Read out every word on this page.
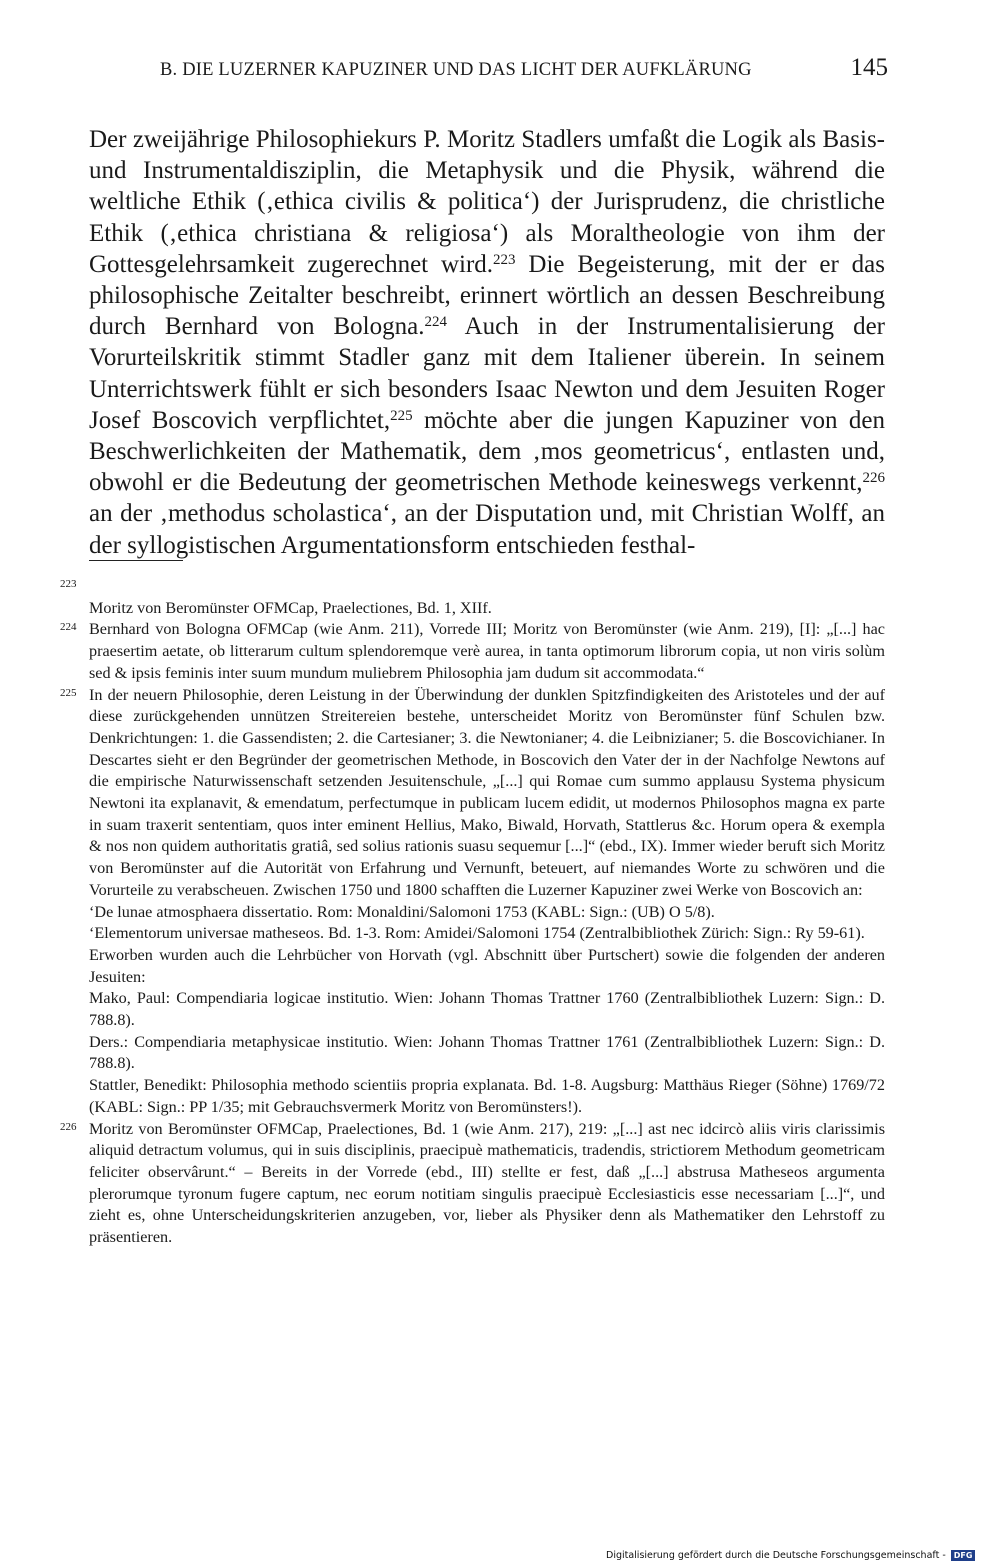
B. DIE LUZERNER KAPUZINER UND DAS LICHT DER AUFKLÄRUNG	145
Der zweijährige Philosophiekurs P. Moritz Stadlers umfaßt die Logik als Basis- und Instrumentaldisziplin, die Metaphysik und die Physik, während die weltliche Ethik (‚ethica civilis & politica‘) der Jurisprudenz, die christliche Ethik (‚ethica christiana & religiosa‘) als Moraltheologie von ihm der Gottesgelehrsamkeit zugerechnet wird.$^{223}$ Die Begeisterung, mit der er das philosophische Zeitalter beschreibt, erinnert wörtlich an dessen Beschreibung durch Bernhard von Bologna.$^{224}$ Auch in der Instrumentalisierung der Vorurteilskritik stimmt Stadler ganz mit dem Italiener überein. In seinem Unterrichtswerk fühlt er sich besonders Isaac Newton und dem Jesuiten Roger Josef Boscovich verpflichtet,$^{225}$ möchte aber die jungen Kapuziner von den Beschwerlichkeiten der Mathematik, dem ‚mos geometricus‘, entlasten und, obwohl er die Bedeutung der geometrischen Methode keineswegs verkennt,$^{226}$ an der ‚methodus scholastica‘, an der Disputation und, mit Christian Wolff, an der syllogistischen Argumentationsform entschieden festhal-
223
Moritz von Beromünster OFMCap, Praelectiones, Bd. 1, XIIf.
224 Bernhard von Bologna OFMCap (wie Anm. 211), Vorrede III; Moritz von Beromünster (wie Anm. 219), [I]: „[...] hac praesertim aetate, ob litterarum cultum splendoremque verè aurea, in tanta optimorum librorum copia, ut non viris solùm sed & ipsis feminis inter suum mundum muliebrem Philosophia jam dudum sit accommodata.“
225 In der neuern Philosophie, deren Leistung in der Überwindung der dunklen Spitzfindigkeiten des Aristoteles und der auf diese zurückgehenden unnützen Streitereien bestehe, unterscheidet Moritz von Beromünster fünf Schulen bzw. Denkrichtungen: 1. die Gassendisten; 2. die Cartesianer; 3. die Newtonianer; 4. die Leibnizianer; 5. die Boscovichianer. In Descartes sieht er den Begründer der geometrischen Methode, in Boscovich den Vater der in der Nachfolge Newtons auf die empirische Naturwissenschaft setzenden Jesuitenschule, „[...] qui Romae cum summo applausu Systema physicum Newtoni ita explanavit, & emendatum, perfectumque in publicam lucem edidit, ut modernos Philosophos magna ex parte in suam traxerit sententiam, quos inter eminent Hellius, Mako, Biwald, Horvath, Stattlerus &c. Horum opera & exempla & nos non quidem authoritatis gratiâ, sed solius rationis suasu sequemur [...]“ (ebd., IX). Immer wieder beruft sich Moritz von Beromünster auf die Autorität von Erfahrung und Vernunft, beteuert, auf niemandes Worte zu schwören und die Vorurteile zu verabscheuen. Zwischen 1750 und 1800 schafften die Luzerner Kapuziner zwei Werke von Boscovich an:
‘De lunae atmosphaera dissertatio. Rom: Monaldini/Salomoni 1753 (KABL: Sign.: (UB) O 5/8).
‘Elementorum universae matheseos. Bd. 1-3. Rom: Amidei/Salomoni 1754 (Zentralbibliothek Zürich: Sign.: Ry 59-61).
Erworben wurden auch die Lehrbücher von Horvath (vgl. Abschnitt über Purtschert) sowie die folgenden der anderen Jesuiten:
Mako, Paul: Compendiaria logicae institutio. Wien: Johann Thomas Trattner 1760 (Zentralbibliothek Luzern: Sign.: D. 788.8).
Ders.: Compendiaria metaphysicae institutio. Wien: Johann Thomas Trattner 1761 (Zentralbibliothek Luzern: Sign.: D. 788.8).
Stattler, Benedikt: Philosophia methodo scientiis propria explanata. Bd. 1-8. Augsburg: Matthäus Rieger (Söhne) 1769/72 (KABL: Sign.: PP 1/35; mit Gebrauchsvermerk Moritz von Beromünsters!).
226 Moritz von Beromünster OFMCap, Praelectiones, Bd. 1 (wie Anm. 217), 219: „[...] ast nec idcircò aliis viris clarissimis aliquid detractum volumus, qui in suis disciplinis, praecipuè mathematicis, tradendis, strictiorem Methodum geometricam feliciter observârunt.“ – Bereits in der Vorrede (ebd., III) stellte er fest, daß „[...] abstrusa Matheseos argumenta plerorumque tyronum fugere captum, nec eorum notitiam singulis praecipuè Ecclesiasticis esse necessariam [...]“, und zieht es, ohne Unterscheidungskriterien anzugeben, vor, lieber als Physiker denn als Mathematiker den Lehrstoff zu präsentieren.
Digitalisierung gefördert durch die Deutsche Forschungsgemeinschaft - DFG
